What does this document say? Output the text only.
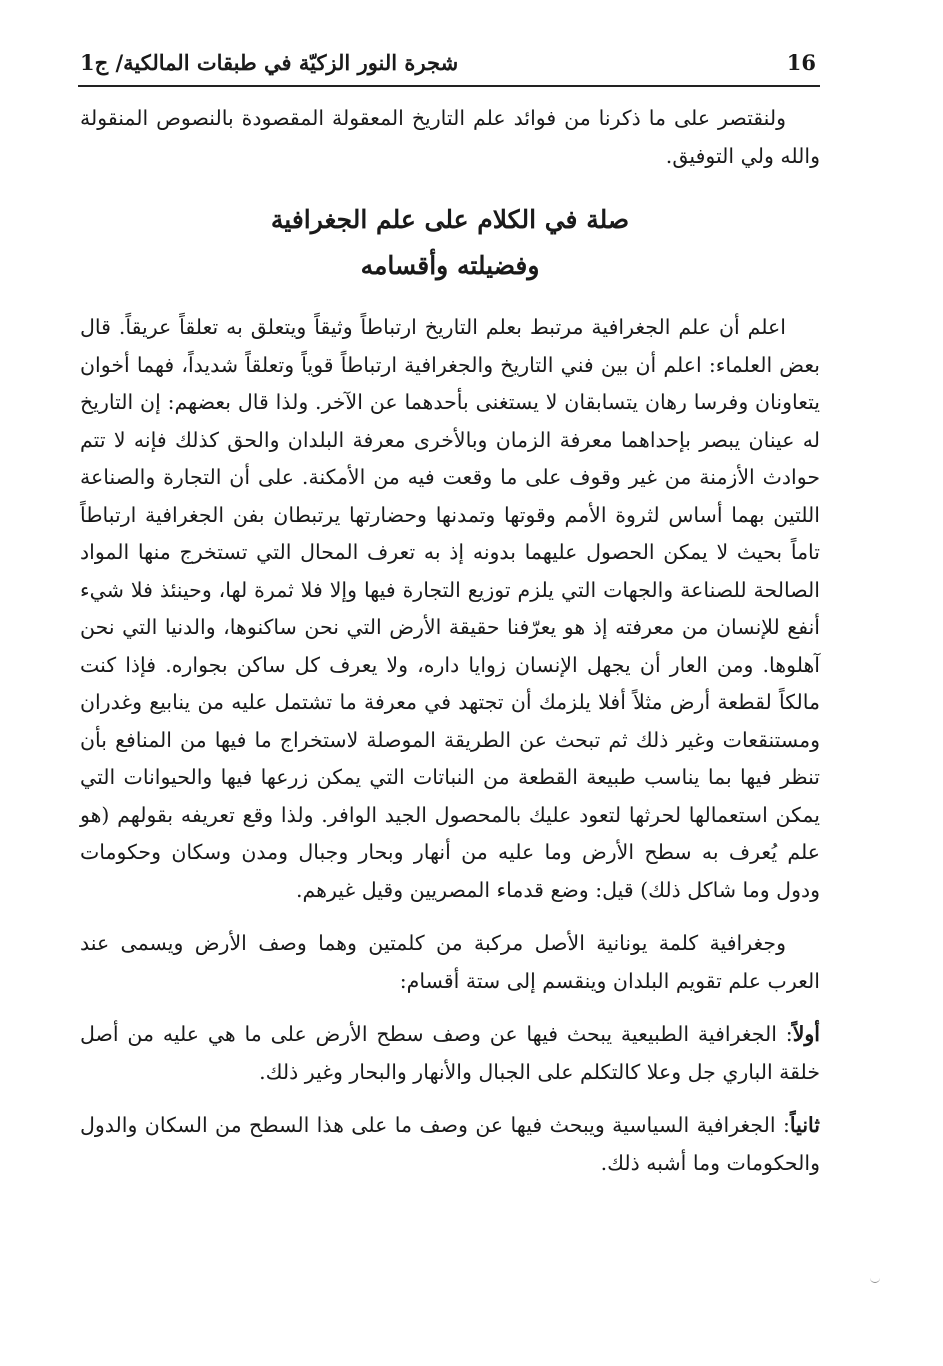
16
شجرة النور الزكيّة في طبقات المالكية/ ج1

ولنقتصر على ما ذكرنا من فوائد علم التاريخ المعقولة المقصودة بالنصوص المنقولة والله ولي التوفيق.

صلة في الكلام على علم الجغرافية
وفضيلته وأقسامه

اعلم أن علم الجغرافية مرتبط بعلم التاريخ ارتباطاً وثيقاً ويتعلق به تعلقاً عريقاً. قال بعض العلماء: اعلم أن بين فني التاريخ والجغرافية ارتباطاً قوياً وتعلقاً شديداً، فهما أخوان يتعاونان وفرسا رهان يتسابقان لا يستغنى بأحدهما عن الآخر. ولذا قال بعضهم: إن التاريخ له عينان يبصر بإحداهما معرفة الزمان وبالأخرى معرفة البلدان والحق كذلك فإنه لا تتم حوادث الأزمنة من غير وقوف على ما وقعت فيه من الأمكنة. على أن التجارة والصناعة اللتين بهما أساس لثروة الأمم وقوتها وتمدنها وحضارتها يرتبطان بفن الجغرافية ارتباطاً تاماً بحيث لا يمكن الحصول عليهما بدونه إذ به تعرف المحال التي تستخرج منها المواد الصالحة للصناعة والجهات التي يلزم توزيع التجارة فيها وإلا فلا ثمرة لها، وحينئذ فلا شيء أنفع للإنسان من معرفته إذ هو يعرّفنا حقيقة الأرض التي نحن ساكنوها، والدنيا التي نحن آهلوها. ومن العار أن يجهل الإنسان زوايا داره، ولا يعرف كل ساكن بجواره. فإذا كنت مالكاً لقطعة أرض مثلاً أفلا يلزمك أن تجتهد في معرفة ما تشتمل عليه من ينابيع وغدران ومستنقعات وغير ذلك ثم تبحث عن الطريقة الموصلة لاستخراج ما فيها من المنافع بأن تنظر فيها بما يناسب طبيعة القطعة من النباتات التي يمكن زرعها فيها والحيوانات التي يمكن استعمالها لحرثها لتعود عليك بالمحصول الجيد الوافر. ولذا وقع تعريفه بقولهم (هو علم يُعرف به سطح الأرض وما عليه من أنهار وبحار وجبال ومدن وسكان وحكومات ودول وما شاكل ذلك) قيل: وضع قدماء المصريين وقيل غيرهم.

وجغرافية كلمة يونانية الأصل مركبة من كلمتين وهما وصف الأرض ويسمى عند العرب علم تقويم البلدان وينقسم إلى ستة أقسام:

أولاً: الجغرافية الطبيعية يبحث فيها عن وصف سطح الأرض على ما هي عليه من أصل خلقة الباري جل وعلا كالتكلم على الجبال والأنهار والبحار وغير ذلك.

ثانياً: الجغرافية السياسية ويبحث فيها عن وصف ما على هذا السطح من السكان والدول والحكومات وما أشبه ذلك.
